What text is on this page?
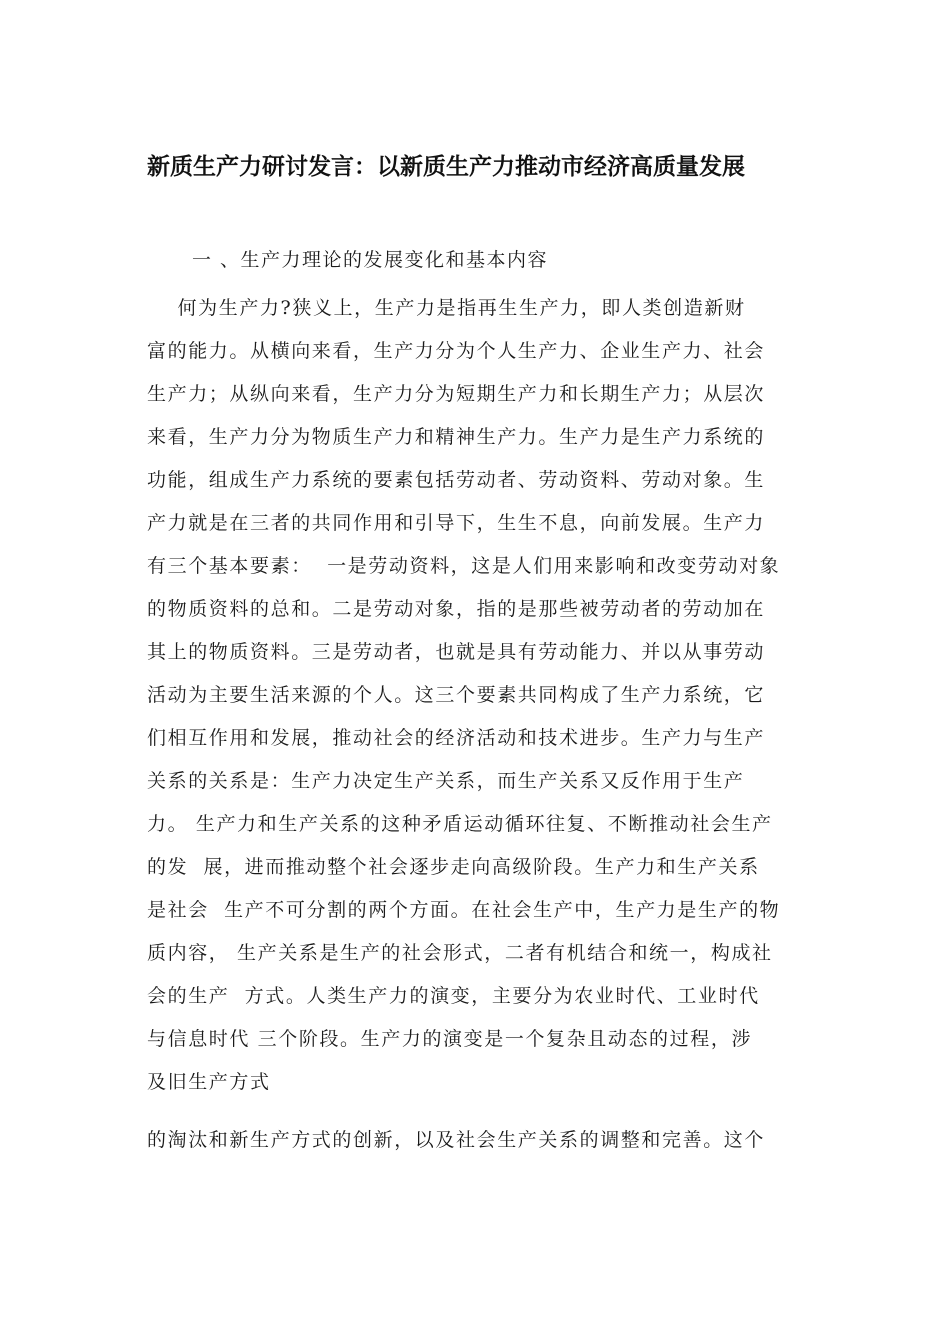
新质生产力研讨发言：以新质生产力推动市经济高质量发展

一 、生产力理论的发展变化和基本内容

何为生产力?狭义上，生产力是指再生生产力，即人类创造新财

富的能力。从横向来看，生产力分为个人生产力、企业生产力、社会

生产力；从纵向来看，生产力分为短期生产力和长期生产力；从层次

来看，生产力分为物质生产力和精神生产力。生产力是生产力系统的

功能，组成生产力系统的要素包括劳动者、劳动资料、劳动对象。生

产力就是在三者的共同作用和引导下，生生不息，向前发展。生产力

有三个基本要素：  一是劳动资料，这是人们用来影响和改变劳动对象

的物质资料的总和。二是劳动对象，指的是那些被劳动者的劳动加在

其上的物质资料。三是劳动者，也就是具有劳动能力、并以从事劳动

活动为主要生活来源的个人。这三个要素共同构成了生产力系统，它

们相互作用和发展，推动社会的经济活动和技术进步。生产力与生产

关系的关系是：生产力决定生产关系，而生产关系又反作用于生产

力。 生产力和生产关系的这种矛盾运动循环往复、不断推动社会生产

的发  展，进而推动整个社会逐步走向高级阶段。生产力和生产关系

是社会  生产不可分割的两个方面。在社会生产中，生产力是生产的物

质内容， 生产关系是生产的社会形式，二者有机结合和统一，构成社

会的生产  方式。人类生产力的演变，主要分为农业时代、工业时代

与信息时代 三个阶段。生产力的演变是一个复杂且动态的过程，涉

及旧生产方式

的淘汰和新生产方式的创新，以及社会生产关系的调整和完善。这个
